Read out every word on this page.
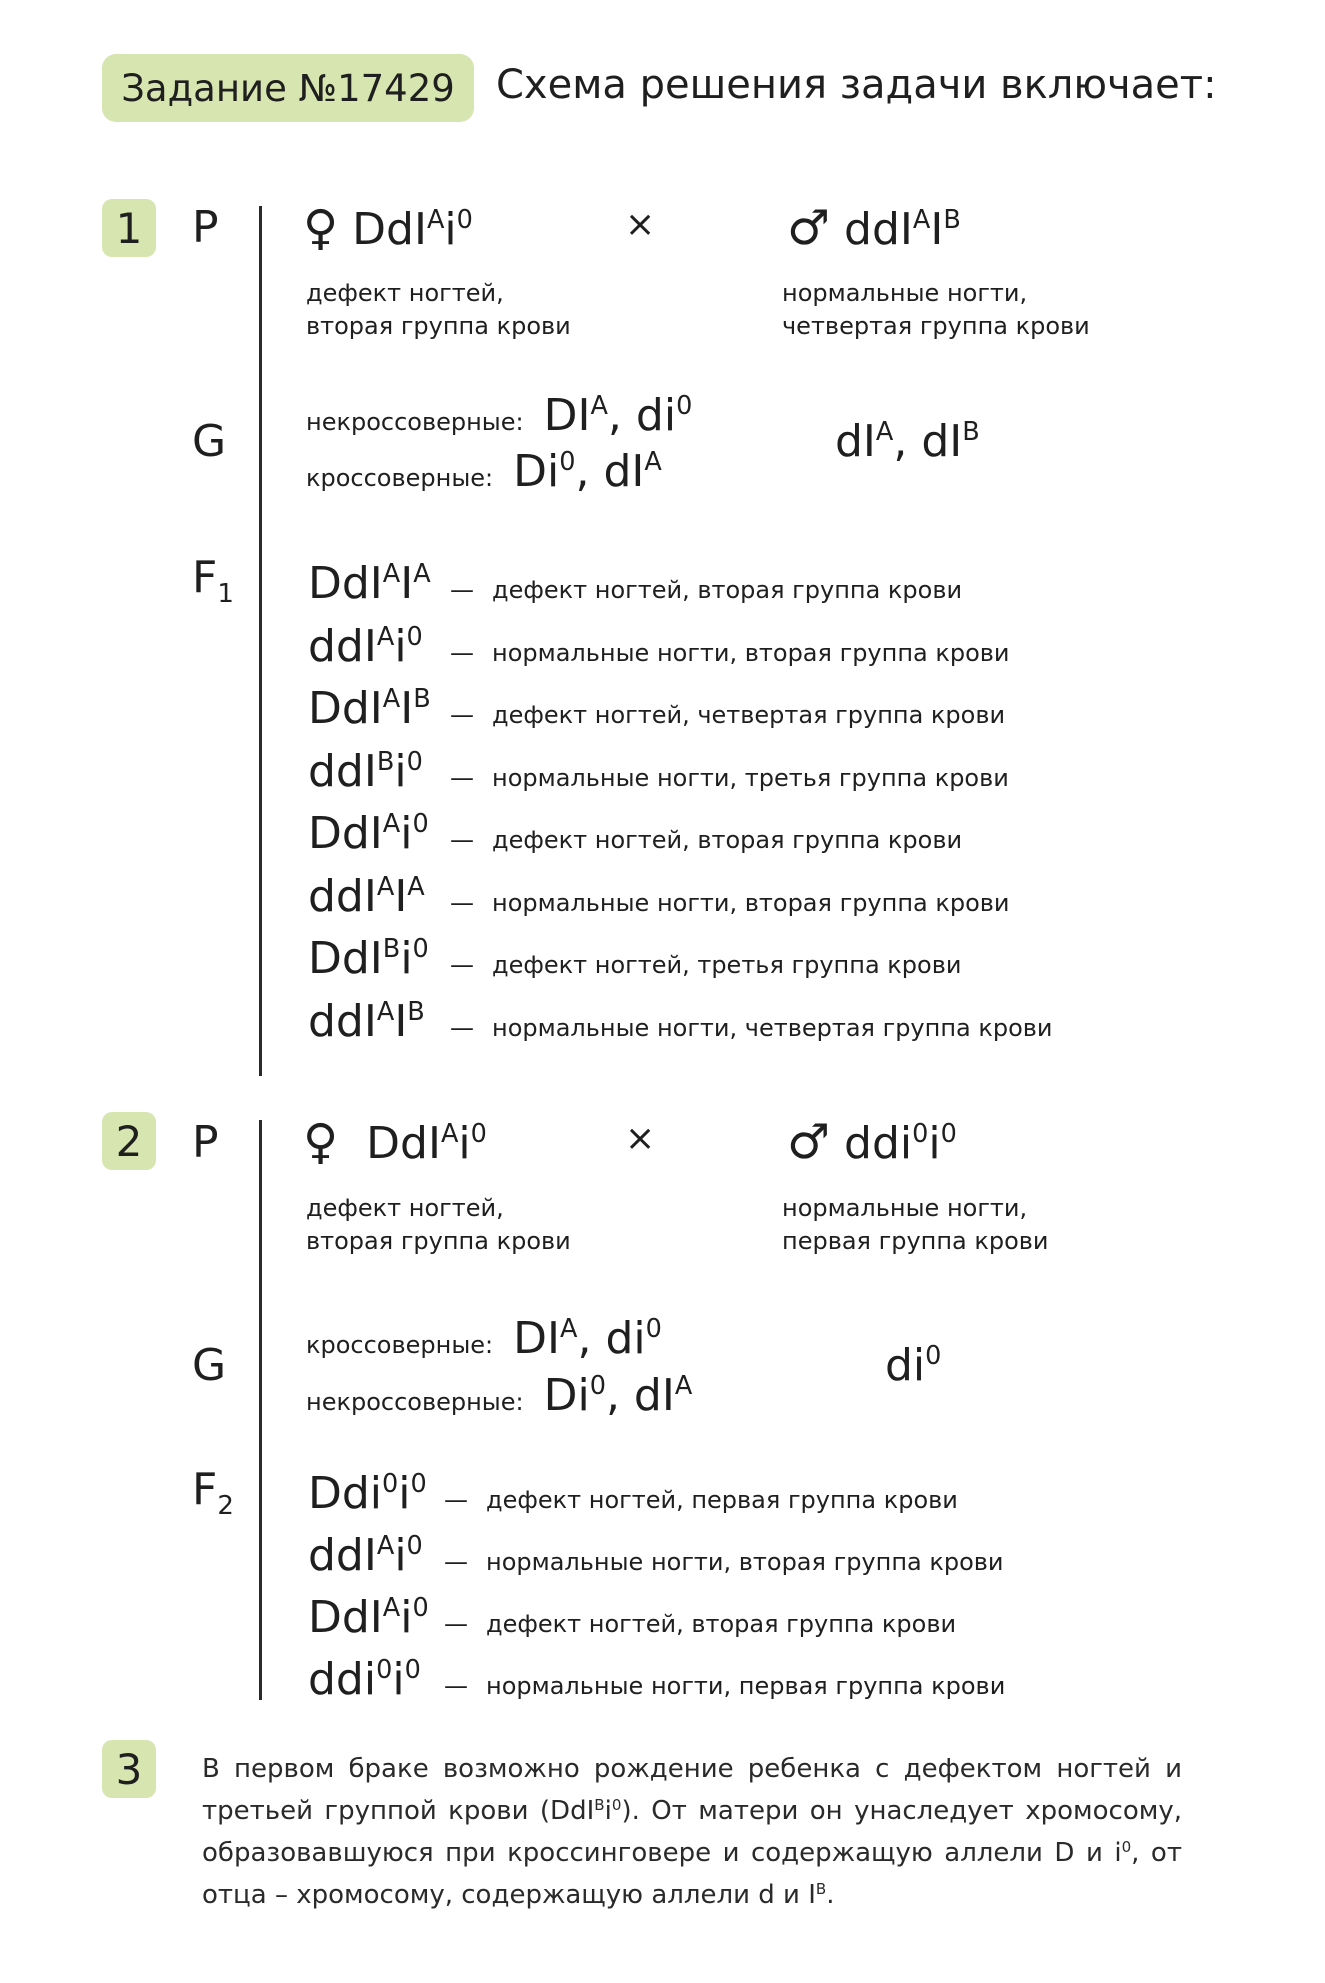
Задание №17429	Схема решения задачи включает:
1	P ♀ $DdI^Ai^0$	×	♂ $ddI^AI^B$
дефект ногтей,
вторая группа крови
нормальные ногти,
четвертая группа крови
G	некроссоверные: $DI^A$, $di^0$
кроссоверные: Di$^0$, $dI^A$	$dI^A$, $dI^B$
$F_1$ $DdI^AI^A$
— дефект ногтей, вторая группа крови
$ddI^Ai^0$
— нормальные ногти, вторая группа крови
$DdI^AI^B$
— дефект ногтей, четвертая группа крови
$ddI^Bi^0$
— нормальные ногти, третья группа крови
$DdI^Ai^0$
— дефект ногтей, вторая группа крови
$ddI^AI^A$
— нормальные ногти, вторая группа крови
$DdI^Bi^0$
— дефект ногтей, третья группа крови
$ddI^AI^B$
— нормальные ногти, четвертая группа крови
2	P ♀ $DdI^Ai^0$	×	♂ $ddi^0i^0$
дефект ногтей,
вторая группа крови
нормальные ногти,
первая группа крови
G	кроссоверные: $DI^A$, $di^0$
некроссоверные: Di$^0$, $dI^A$	$di^0$
$F_2$ $Ddi^0i^0$
— дефект ногтей, первая группа крови
$ddI^Ai^0$
— нормальные ногти, вторая группа крови
$DdI^Ai^0$
— дефект ногтей, вторая группа крови
$ddi^0i^0$
— нормальные ногти, первая группа крови
3	В первом браке возможно рождение ребенка с дефектом ногтей и третьей группой крови $(DdI^Bi^0)$. От матери он унаследует хромосому, образовавшуюся при кроссинговере и содержащую аллели D и $i^0$, от отца – хромосому, содержащую аллели d и $I^B$.
